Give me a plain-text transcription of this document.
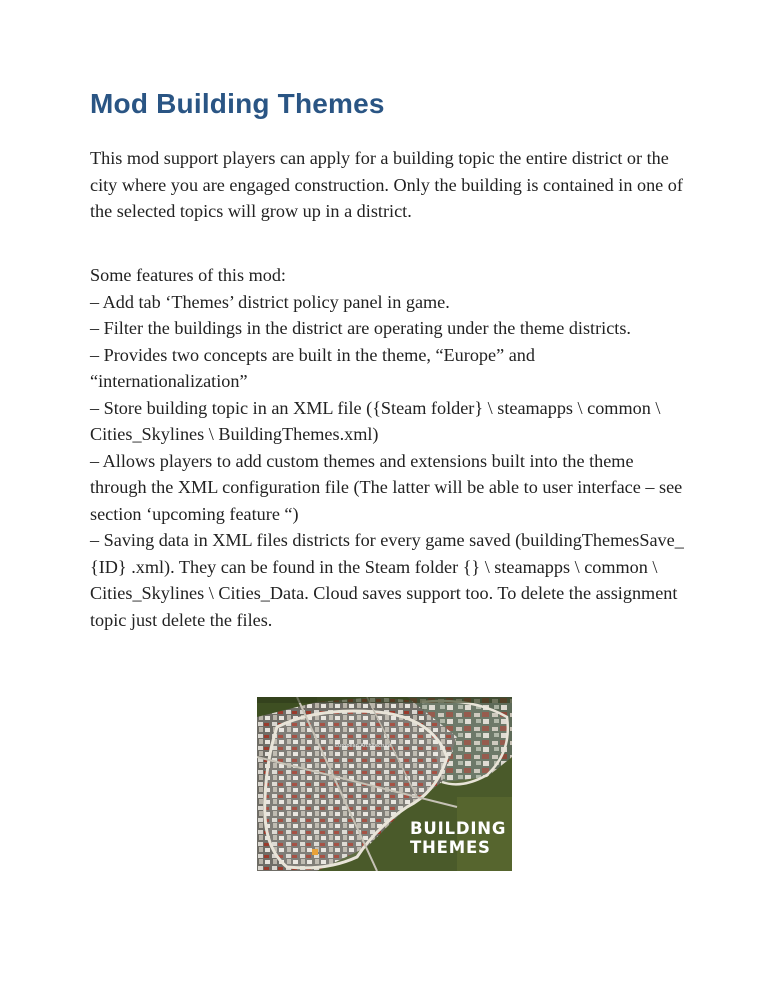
Mod Building Themes

This mod support players can apply for a building topic the entire district or the city where you are engaged construction. Only the building is contained in one of the selected topics will grow up in a district.

Some features of this mod:
– Add tab ‘Themes’ district policy panel in game.
– Filter the buildings in the district are operating under the theme districts.
– Provides two concepts are built in the theme, “Europe” and “internationalization”
– Store building topic in an XML file ({Steam folder} \ steamapps \ common \ Cities_Skylines \ BuildingThemes.xml)
– Allows players to add custom themes and extensions built into the theme through the XML configuration file (The latter will be able to user interface – see section ‘upcoming feature “)
– Saving data in XML files districts for every game saved (buildingThemesSave_ {ID} .xml). They can be found in the Steam folder {} \ steamapps \ common \ Cities_Skylines \ Cities_Data. Cloud saves support too. To delete the assignment topic just delete the files.

BUILDING
THEMES
European Architecture
